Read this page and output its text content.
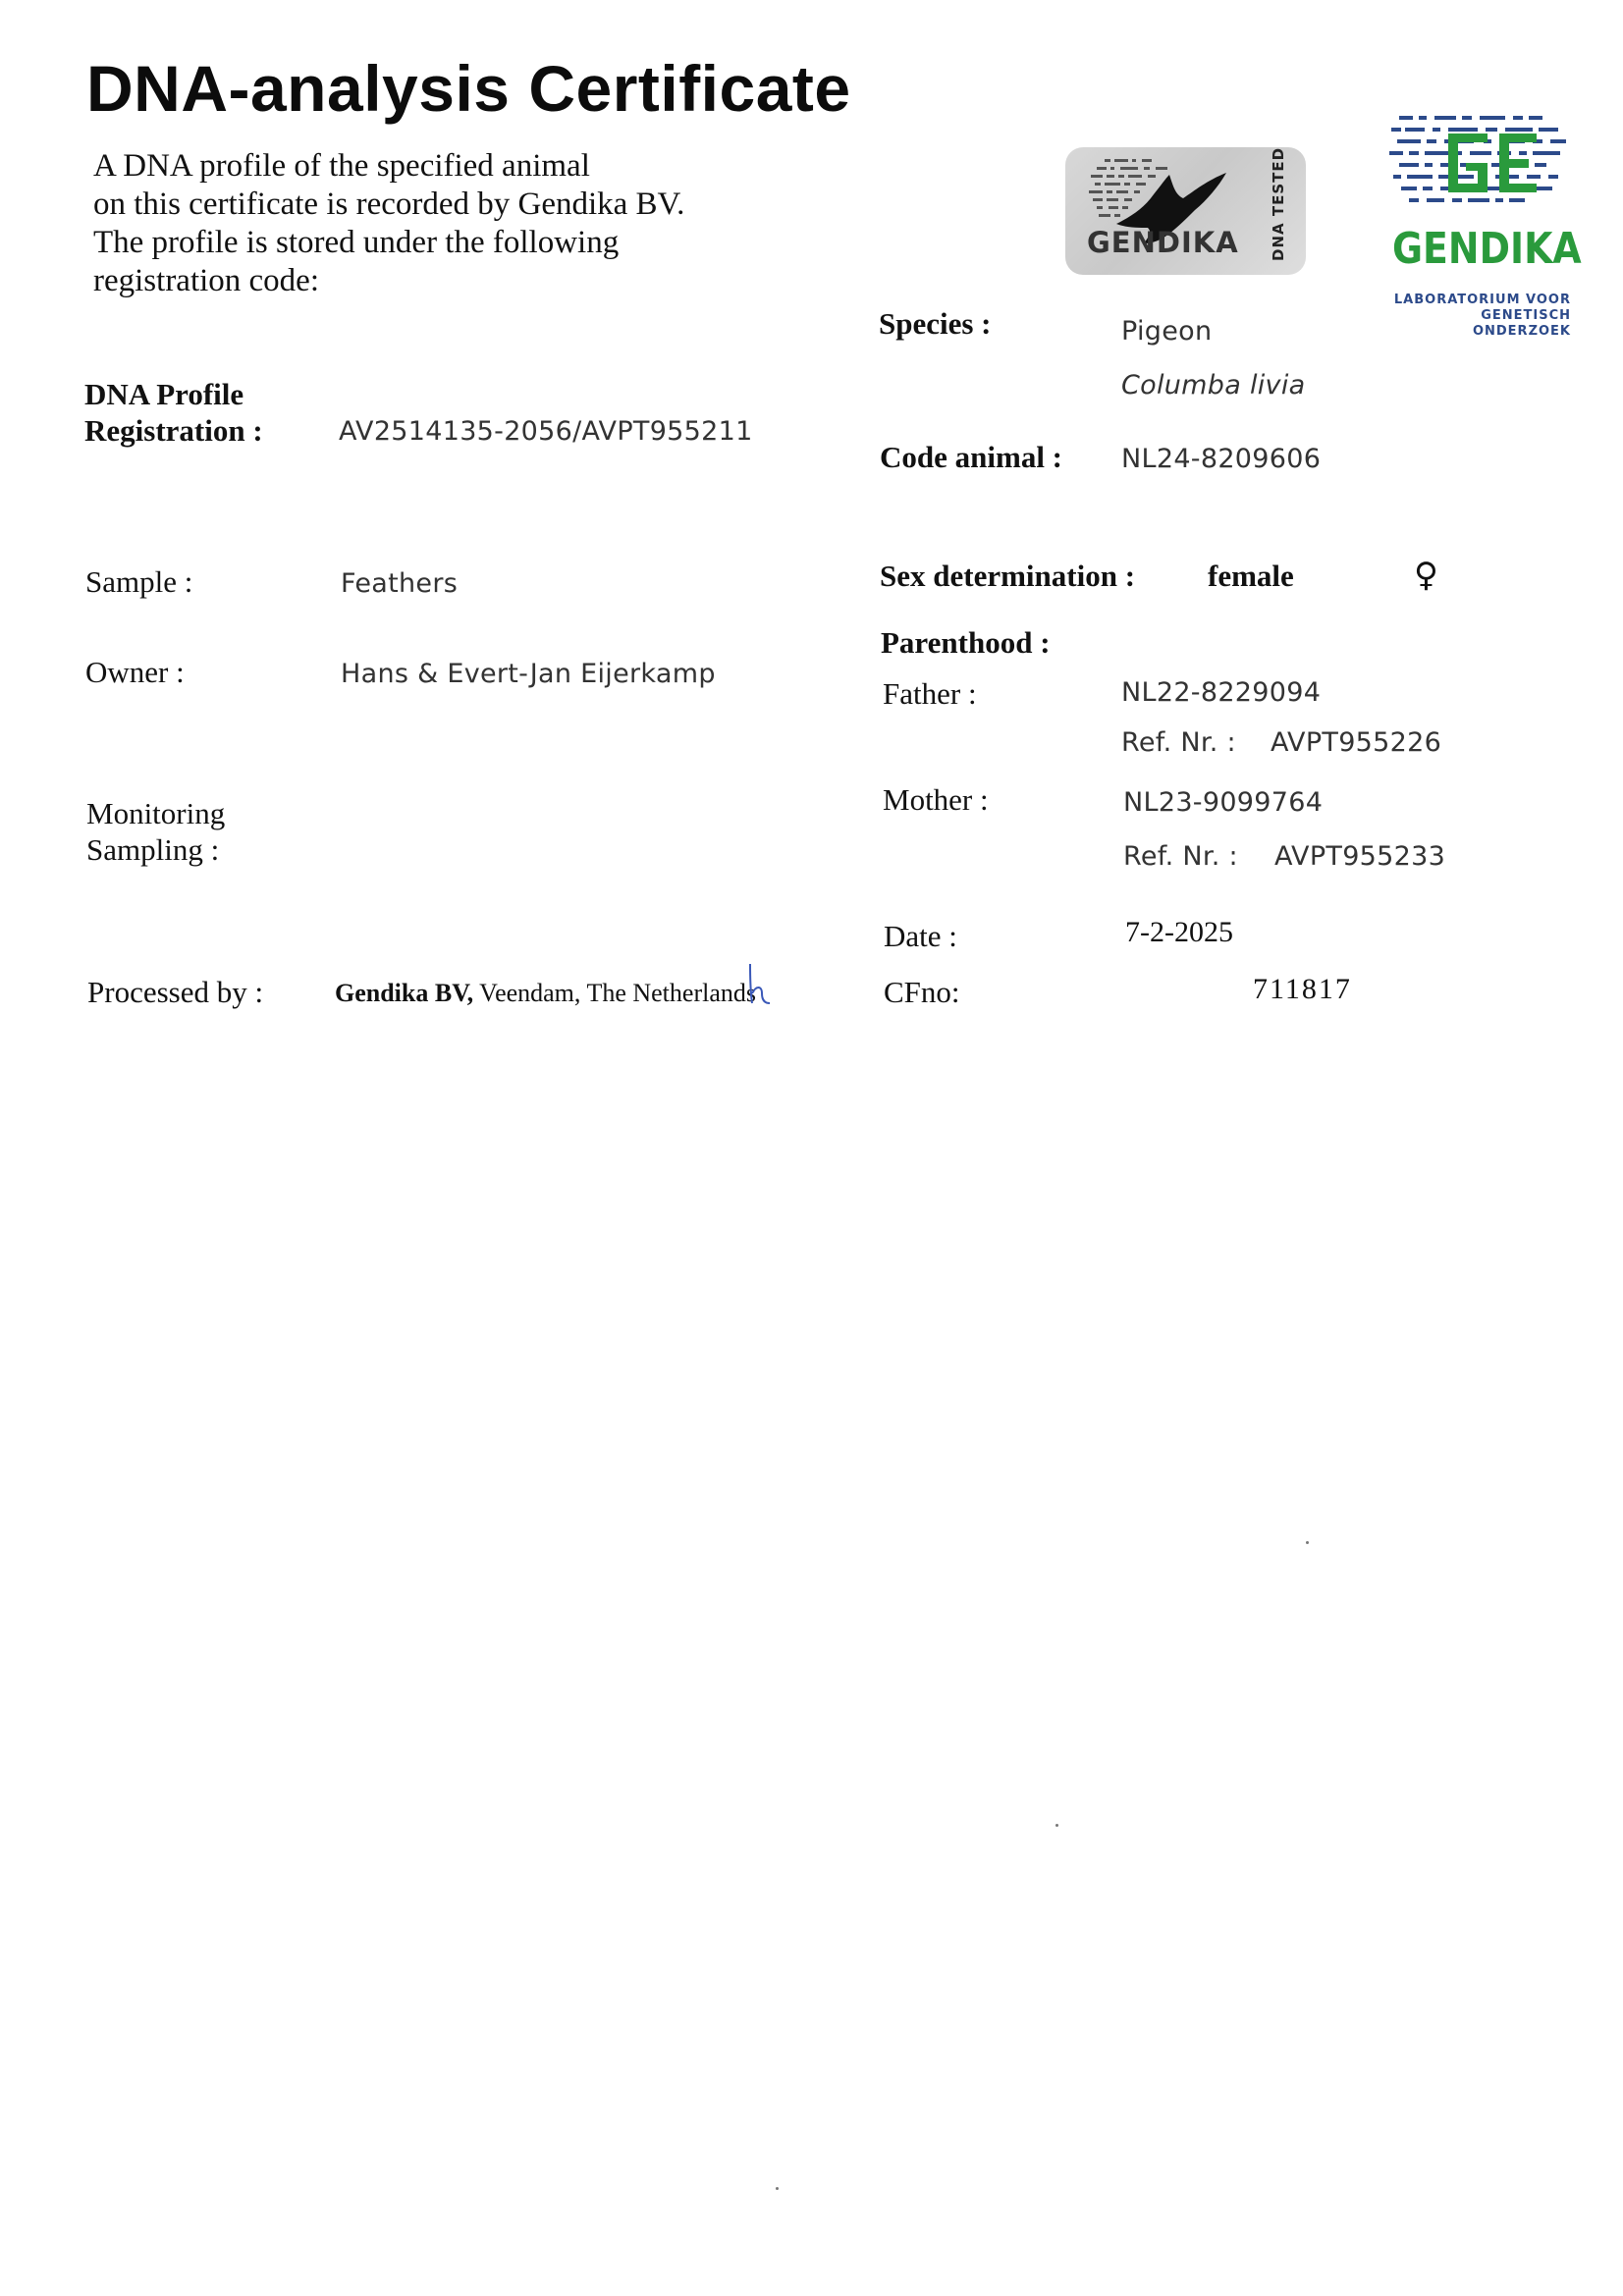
DNA-analysis Certificate
A DNA profile of the specified animal
on this certificate is recorded by Gendika BV.
The profile is stored under the following
registration code:
GENDIKA DNA TESTED GENDIKA
LABORATORIUM VOOR
GENETISCH ONDERZOEK
DNA Profile
Registration :	AV2514135-2056/AVPT955211
Sample :	Feathers
Owner :	Hans & Evert-Jan Eijerkamp
Monitoring
Sampling :
Processed by :	Gendika BV, Veendam, The Netherlands
Species :	Pigeon
Columba livia
Code animal : NL24-8209606
Sex determination : female	♀
Parenthood :
Father :	NL22-8229094
Ref. Nr. : AVPT955226
Mother :	NL23-9099764
Ref. Nr. : AVPT955233
Date :	7-2-2025
CFno:	711817
